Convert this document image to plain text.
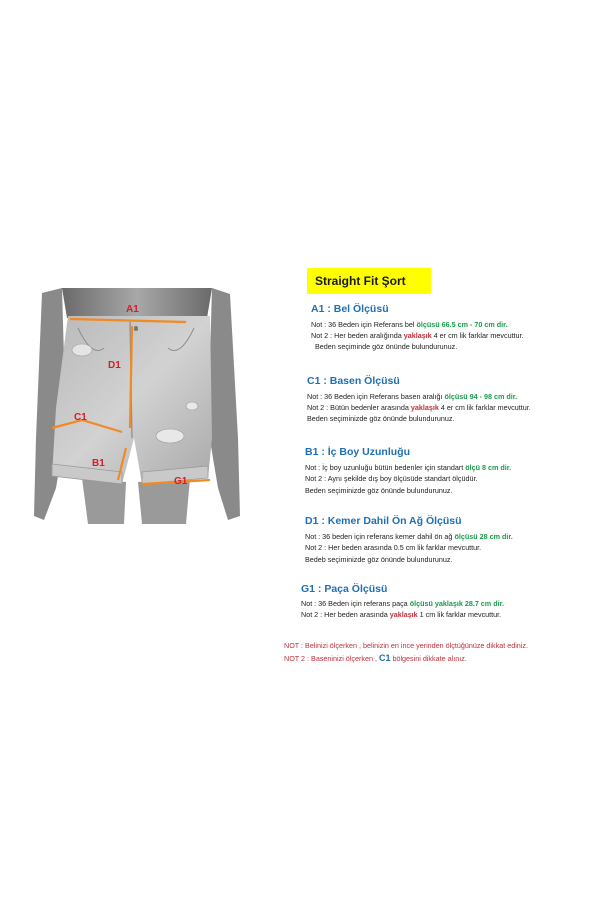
A1
D1
C1
B1
G1
Straight Fit Şort
A1 : Bel Ölçüsü
Not : 36 Beden için Referans bel ölçüsü 66.5 cm - 70 cm dir.
Not 2 : Her beden aralığında yaklaşık 4 er cm lik farklar mevcuttur.
Beden seçiminde göz önünde bulundurunuz.
C1 : Basen Ölçüsü
Not : 36 Beden için Referans basen aralığı ölçüsü 94 - 98 cm dir.
Not 2 : Bütün bedenler arasında yaklaşık 4 er cm lik farklar mevcuttur.
Beden seçiminizde göz önünde bulundurunuz.
B1 : İç Boy Uzunluğu
Not : İç boy uzunluğu bütün bedenler için standart ölçü 8 cm dir.
Not 2 : Aynı şekilde dış boy ölçüsüde standart ölçüdür.
Beden seçiminizde göz önünde bulundurunuz.
D1 : Kemer Dahil Ön Ağ Ölçüsü
Not : 36 beden için referans kemer dahil ön ağ ölçüsü 28 cm dir.
Not 2 : Her beden arasında 0.5 cm lik farklar mevcuttur.
Bedeb seçiminizde göz önünde bulundurunuz.
G1 : Paça Ölçüsü
Not : 36 Beden için referans paça ölçüsü yaklaşık 28.7 cm dir.
Not 2 : Her beden arasında yaklaşık 1 cm lik farklar mevcuttur.
NOT : Belinizi ölçerken , belinizin en ince yerinden ölçtüğünüze dikkat ediniz.
NOT 2 : Baseninizi ölçerken , C1 bölgesini dikkate alınız.
